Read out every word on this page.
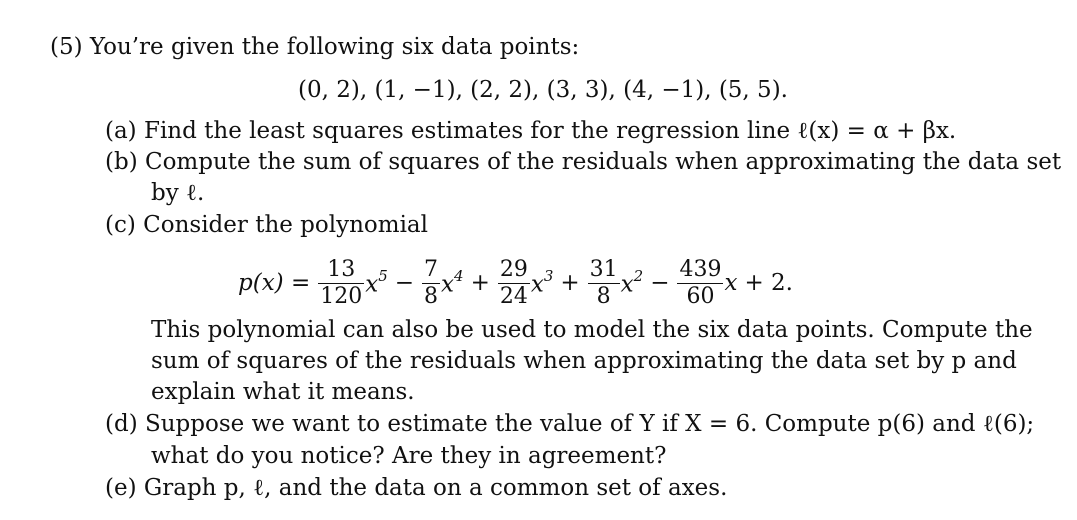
(5) You’re given the following six data points:
(0, 2), (1, −1), (2, 2), (3, 3), (4, −1), (5, 5).
(a) Find the least squares estimates for the regression line ℓ(x) = α + βx.
(b) Compute the sum of squares of the residuals when approximating the data set
by ℓ.
(c) Consider the polynomial
$p(x) = \frac{13}{120} x^5 - \frac{7}{8} x^4 + \frac{29}{24} x^3 + \frac{31}{8} x^2 - \frac{439}{60}$ x + 2.
This polynomial can also be used to model the six data points. Compute the
sum of squares of the residuals when approximating the data set by p and
explain what it means.
(d) Suppose we want to estimate the value of Y if X = 6. Compute p(6) and ℓ(6);
what do you notice? Are they in agreement?
(e) Graph p, ℓ, and the data on a common set of axes.
